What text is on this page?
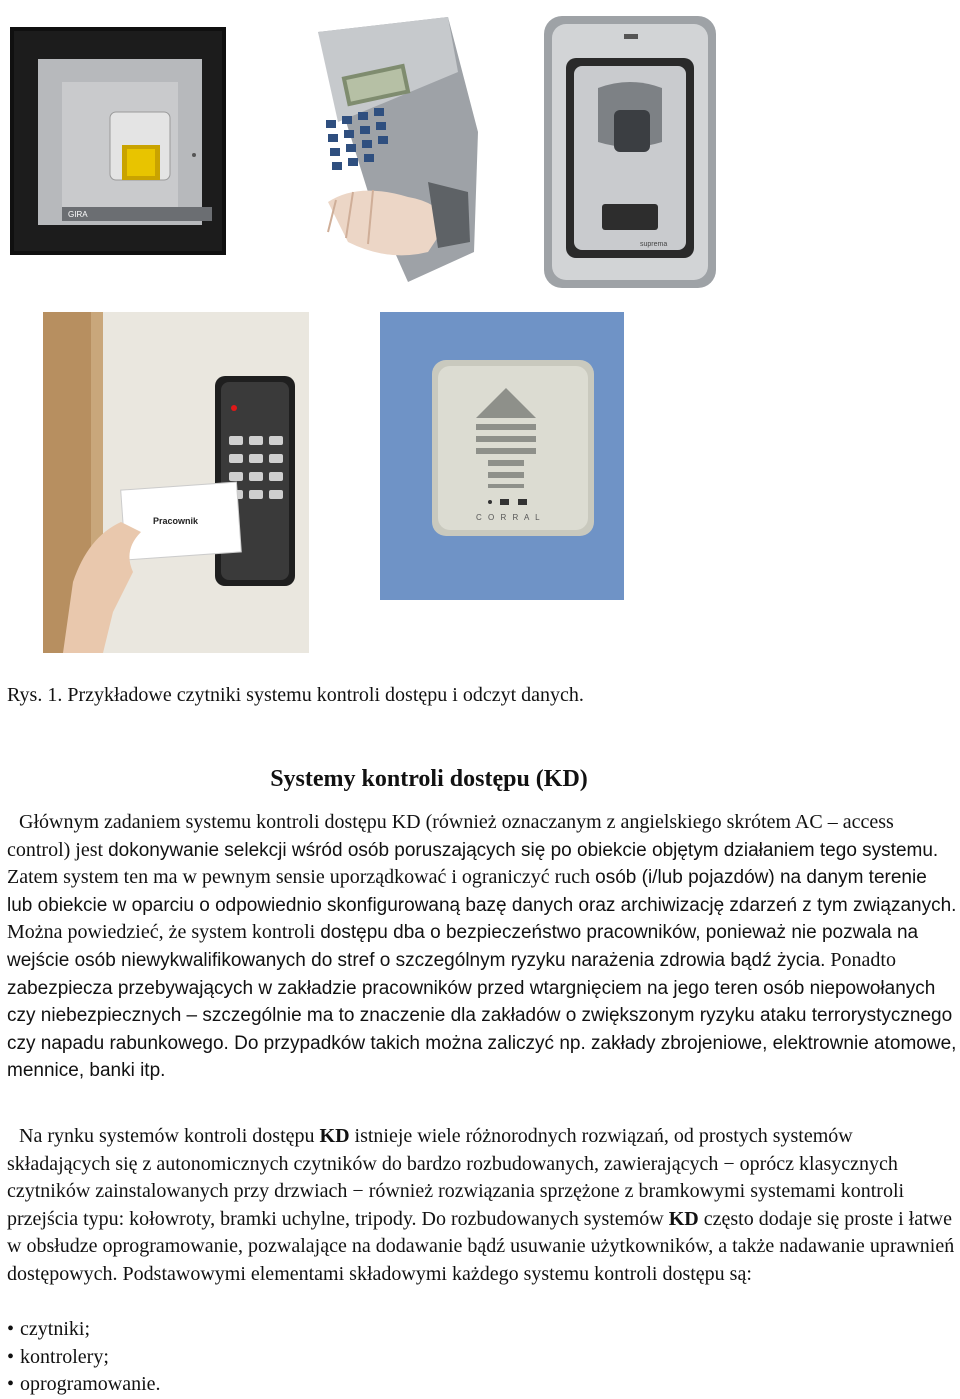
GIRA
suprema
Pracownik	C O R R A L
Rys. 1. Przykładowe czytniki systemu kontroli dostępu i odczyt danych.
Systemy kontroli dostępu (KD)

Głównym zadaniem systemu kontroli dostępu KD (również oznaczanym z angielskiego skrótem AC – access control) jest dokonywanie selekcji wśród osób poruszających się po obiekcie objętym działaniem tego systemu. Zatem system ten ma w pewnym sensie uporządkować i ograniczyć ruch osób (i/lub pojazdów) na danym terenie lub obiekcie w oparciu o odpowiednio skonfigurowaną bazę danych oraz archiwizację zdarzeń z tym związanych. Można powiedzieć, że system kontroli dostępu dba o bezpieczeństwo pracowników, ponieważ nie pozwala na wejście osób niewykwalifikowanych do stref o szczególnym ryzyku narażenia zdrowia bądź życia. Ponadto zabezpiecza przebywających w zakładzie pracowników przed wtargnięciem na jego teren osób niepowołanych czy niebezpiecznych – szczególnie ma to znaczenie dla zakładów o zwiększonym ryzyku ataku terrorystycznego czy napadu rabunkowego. Do przypadków takich można zaliczyć np. zakłady zbrojeniowe, elektrownie atomowe, mennice, banki itp.

Na rynku systemów kontroli dostępu KD istnieje wiele różnorodnych rozwiązań, od prostych systemów składających się z autonomicznych czytników do bardzo rozbudowanych, zawierających − oprócz klasycznych czytników zainstalowanych przy drzwiach − również rozwiązania sprzężone z bramkowymi systemami kontroli przejścia typu: kołowroty, bramki uchylne, tripody. Do rozbudowanych systemów KD często dodaje się proste i łatwe w obsłudze oprogramowanie, pozwalające na dodawanie bądź usuwanie użytkowników, a także nadawanie uprawnień dostępowych. Podstawowymi elementami składowymi każdego systemu kontroli dostępu są:

• czytniki;
• kontrolery;
• oprogramowanie.
